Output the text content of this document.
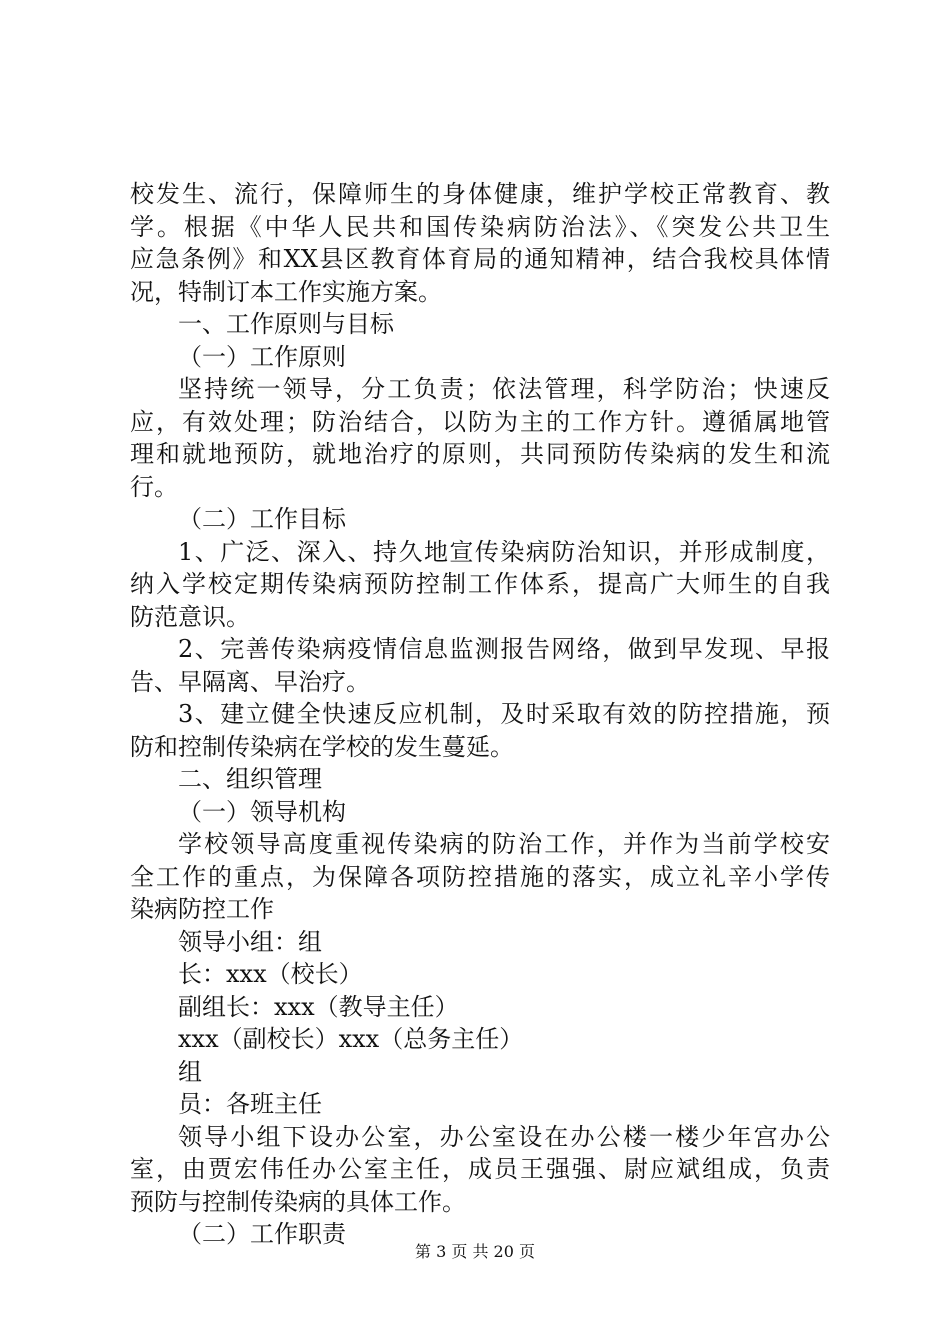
校发生、流行，保障师生的身体健康，维护学校正常教育、教
学。根据《中华人民共和国传染病防治法》、《突发公共卫生
应急条例》和XX县区教育体育局的通知精神，结合我校具体情
况，特制订本工作实施方案。
一、工作原则与目标
（一）工作原则
坚持统一领导，分工负责；依法管理，科学防治；快速反
应，有效处理；防治结合，以防为主的工作方针。遵循属地管
理和就地预防，就地治疗的原则，共同预防传染病的发生和流
行。
（二）工作目标
1、广泛、深入、持久地宣传染病防治知识，并形成制度，
纳入学校定期传染病预防控制工作体系，提高广大师生的自我
防范意识。
2、完善传染病疫情信息监测报告网络，做到早发现、早报
告、早隔离、早治疗。
3、建立健全快速反应机制，及时采取有效的防控措施，预
防和控制传染病在学校的发生蔓延。
二、组织管理
（一）领导机构
学校领导高度重视传染病的防治工作，并作为当前学校安
全工作的重点，为保障各项防控措施的落实，成立礼辛小学传
染病防控工作
领导小组：组
长：xxx（校长）
副组长：xxx（教导主任）
xxx（副校长）xxx（总务主任）
组
员：各班主任
领导小组下设办公室，办公室设在办公楼一楼少年宫办公
室，由贾宏伟任办公室主任，成员王强强、尉应斌组成，负责
预防与控制传染病的具体工作。
（二）工作职责
第 3 页 共 20 页
